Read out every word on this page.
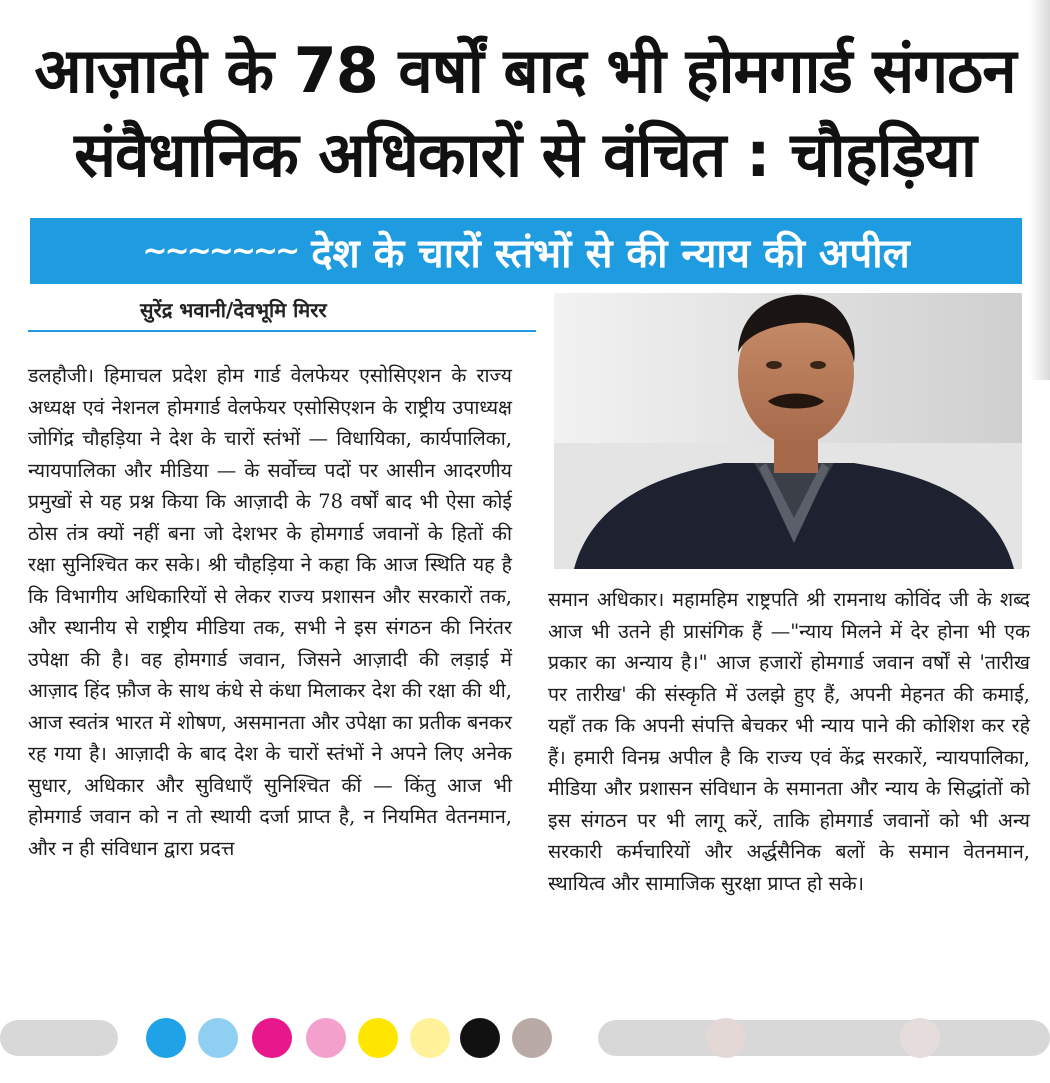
आज़ादी के 78 वर्षों बाद भी होमगार्ड संगठन
संवैधानिक अधिकारों से वंचित : चौहड़िया
~~~~~~~ देश के चारों स्तंभों से की न्याय की अपील
सुरेंद्र भवानी/देवभूमि मिरर
डलहौजी। हिमाचल प्रदेश होम गार्ड वेलफेयर एसोसिएशन के राज्य अध्यक्ष एवं नेशनल होमगार्ड वेलफेयर एसोसिएशन के राष्ट्रीय उपाध्यक्ष जोगिंद्र चौहड़िया ने देश के चारों स्तंभों — विधायिका, कार्यपालिका, न्यायपालिका और मीडिया — के सर्वोच्च पदों पर आसीन आदरणीय प्रमुखों से यह प्रश्न किया कि आज़ादी के 78 वर्षों बाद भी ऐसा कोई ठोस तंत्र क्यों नहीं बना जो देशभर के होमगार्ड जवानों के हितों की रक्षा सुनिश्चित कर सके। श्री चौहड़िया ने कहा कि आज स्थिति यह है कि विभागीय अधिकारियों से लेकर राज्य प्रशासन और सरकारों तक, और स्थानीय से राष्ट्रीय मीडिया तक, सभी ने इस संगठन की निरंतर उपेक्षा की है। वह होमगार्ड जवान, जिसने आज़ादी की लड़ाई में आज़ाद हिंद फ़ौज के साथ कंधे से कंधा मिलाकर देश की रक्षा की थी, आज स्वतंत्र भारत में शोषण, असमानता और उपेक्षा का प्रतीक बनकर रह गया है। आज़ादी के बाद देश के चारों स्तंभों ने अपने लिए अनेक सुधार, अधिकार और सुविधाएँ सुनिश्चित कीं — किंतु आज भी होमगार्ड जवान को न तो स्थायी दर्जा प्राप्त है, न नियमित वेतनमान, और न ही संविधान द्वारा प्रदत्त
समान अधिकार। महामहिम राष्ट्रपति श्री रामनाथ कोविंद जी के शब्द आज भी उतने ही प्रासंगिक हैं —"न्याय मिलने में देर होना भी एक प्रकार का अन्याय है।" आज हजारों होमगार्ड जवान वर्षों से 'तारीख पर तारीख' की संस्कृति में उलझे हुए हैं, अपनी मेहनत की कमाई, यहाँ तक कि अपनी संपत्ति बेचकर भी न्याय पाने की कोशिश कर रहे हैं। हमारी विनम्र अपील है कि राज्य एवं केंद्र सरकारें, न्यायपालिका, मीडिया और प्रशासन संविधान के समानता और न्याय के सिद्धांतों को इस संगठन पर भी लागू करें, ताकि होमगार्ड जवानों को भी अन्य सरकारी कर्मचारियों और अर्द्धसैनिक बलों के समान वेतनमान, स्थायित्व और सामाजिक सुरक्षा प्राप्त हो सके।
